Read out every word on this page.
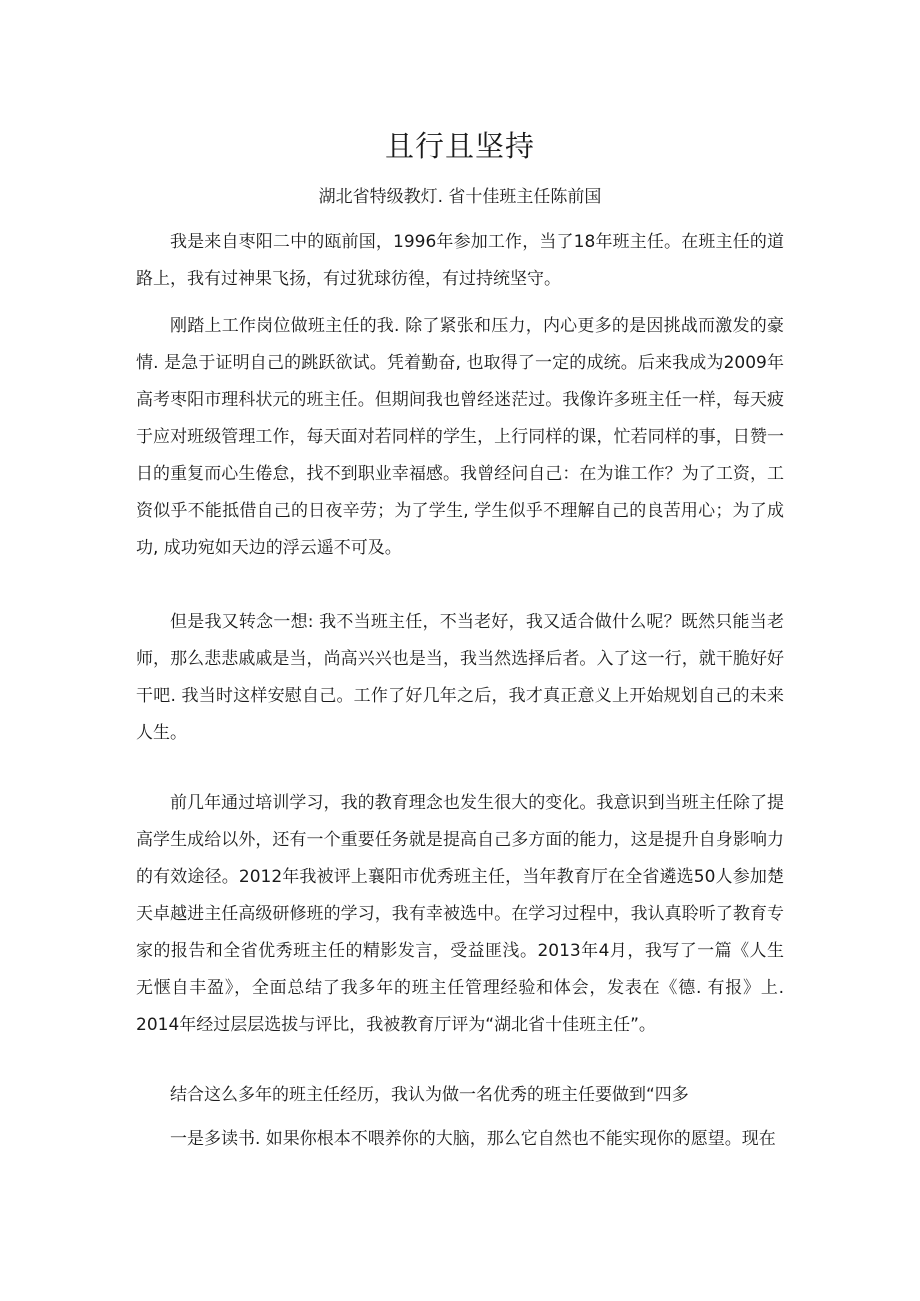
且行且坚持

湖北省特级教灯. 省十佳班主任陈前国

我是来自枣阳二中的瓯前国，1996年参加工作，当了18年班主任。在班主任的道路上，我有过神果飞扬，有过犹球彷徨，有过持统坚守。

刚踏上工作岗位做班主任的我. 除了紧张和压力，内心更多的是因挑战而激发的豪情. 是急于证明自己的跳跃欲试。凭着勤奋, 也取得了一定的成统。后来我成为2009年高考枣阳市理科状元的班主任。但期间我也曾经迷茫过。我像许多班主任一样，每天疲于应对班级管理工作，每天面对若同样的学生，上行同样的课，忙若同样的事，日赞一日的重复而心生倦怠，找不到职业幸福感。我曾经问自己：在为谁工作？为了工资，工资似乎不能抵借自己的日夜辛劳；为了学生, 学生似乎不理解自己的良苦用心；为了成功, 成功宛如天边的浮云遥不可及。

但是我又转念一想: 我不当班主任，不当老好，我又适合做什么呢？既然只能当老师，那么悲悲戚戚是当，尚高兴兴也是当，我当然选择后者。入了这一行，就干脆好好干吧. 我当时这样安慰自己。工作了好几年之后，我才真正意义上开始规划自己的未来人生。

前几年通过培训学习，我的教育理念也发生很大的变化。我意识到当班主任除了提高学生成给以外，还有一个重要任务就是提高自己多方面的能力，这是提升自身影响力的有效途径。2012年我被评上襄阳市优秀班主任，当年教育厅在全省遴选50人参加楚天卓越进主任高级研修班的学习，我有幸被选中。在学习过程中，我认真聆听了教育专家的报告和全省优秀班主任的精影发言，受益匪浅。2013年4月，我写了一篇《人生无惬自丰盈》，全面总结了我多年的班主任管理经验和体会，发表在《德. 有报》上. 2014年经过层层选拔与评比，我被教育厅评为“湖北省十佳班主任”。

结合这么多年的班主任经历，我认为做一名优秀的班主任要做到“四多

一是多读书. 如果你根本不喂养你的大脑，那么它自然也不能实现你的愿望。现在
